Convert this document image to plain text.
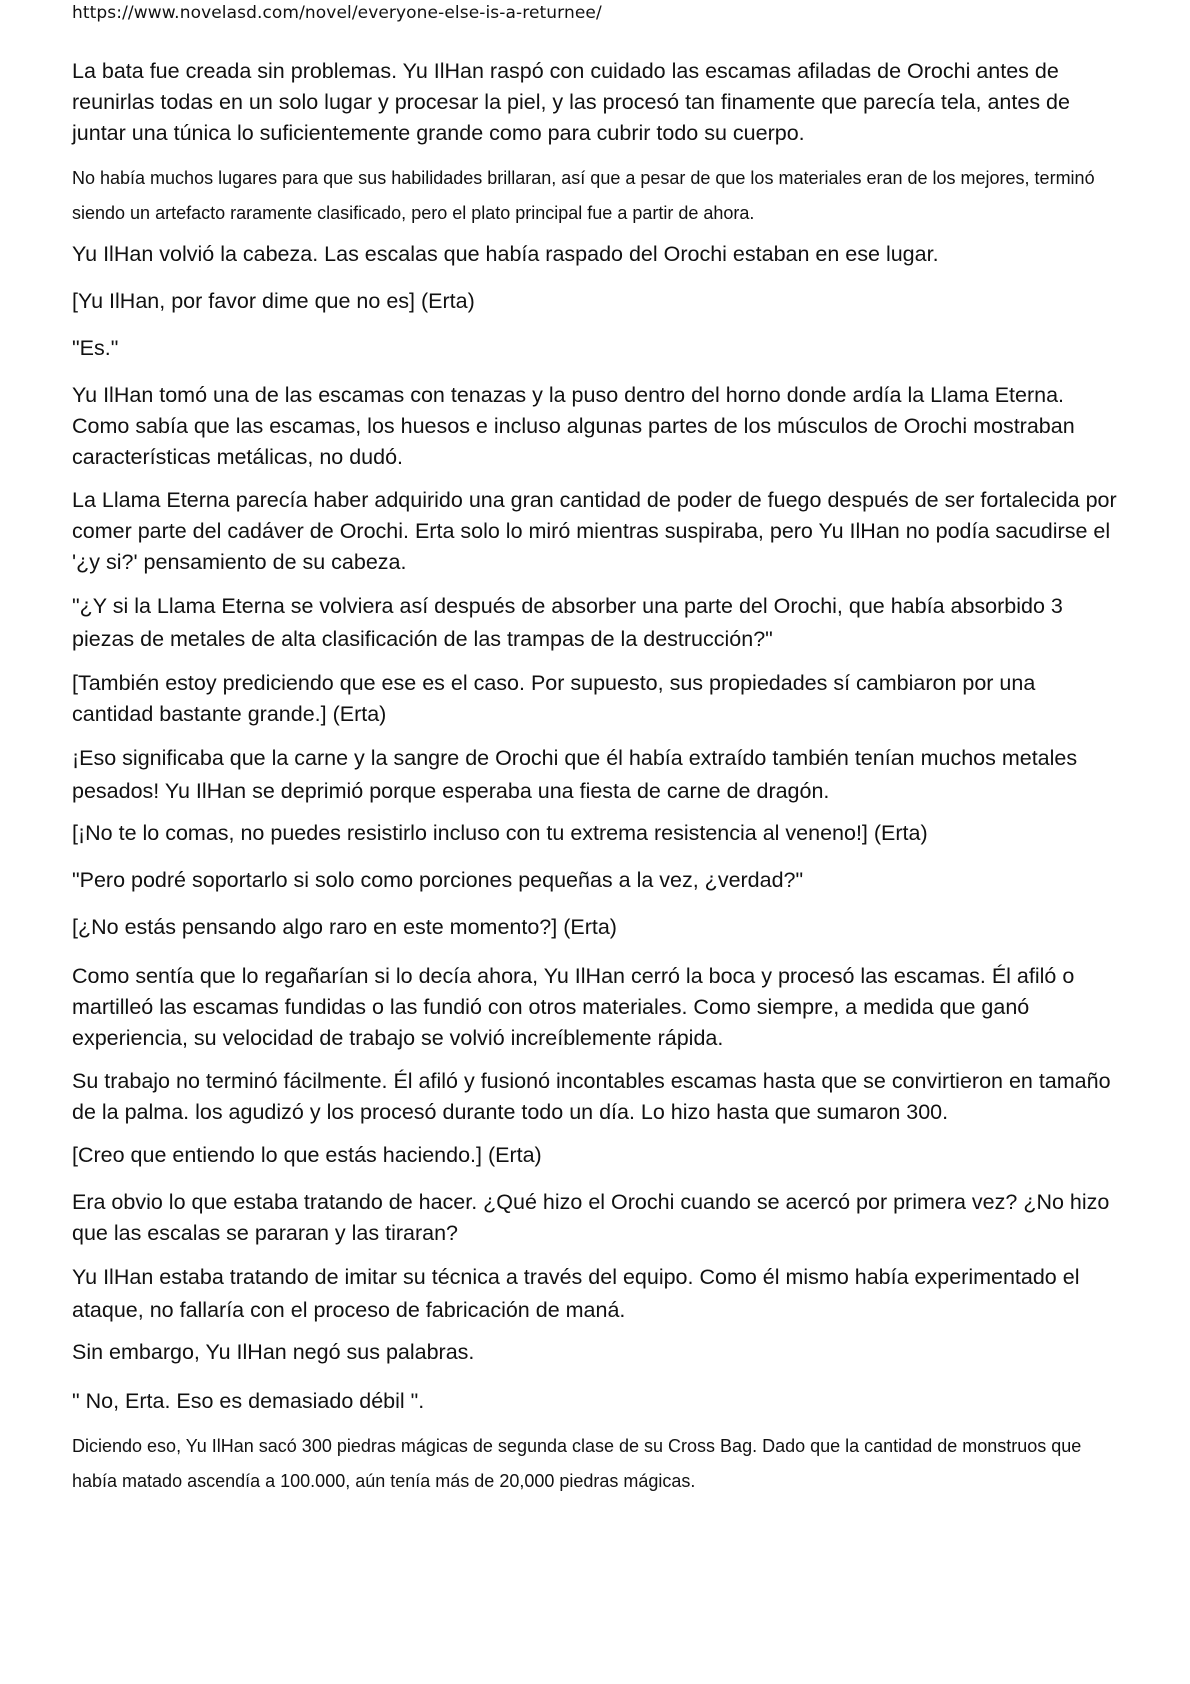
https://www.novelasd.com/novel/everyone-else-is-a-returnee/

La bata fue creada sin problemas. Yu IlHan raspó con cuidado las escamas afiladas de Orochi antes de reunirlas todas en un solo lugar y procesar la piel, y las procesó tan finamente que parecía tela, antes de juntar una túnica lo suficientemente grande como para cubrir todo su cuerpo.

No había muchos lugares para que sus habilidades brillaran, así que a pesar de que los materiales eran de los mejores, terminó siendo un artefacto raramente clasificado, pero el plato principal fue a partir de ahora.

Yu IlHan volvió la cabeza. Las escalas que había raspado del Orochi estaban en ese lugar.

[Yu IlHan, por favor dime que no es] (Erta)

"Es."

Yu IlHan tomó una de las escamas con tenazas y la puso dentro del horno donde ardía la Llama Eterna. Como sabía que las escamas, los huesos e incluso algunas partes de los músculos de Orochi mostraban características metálicas, no dudó.

La Llama Eterna parecía haber adquirido una gran cantidad de poder de fuego después de ser fortalecida por comer parte del cadáver de Orochi. Erta solo lo miró mientras suspiraba, pero Yu IlHan no podía sacudirse el '¿y si?' pensamiento de su cabeza.

"¿Y si la Llama Eterna se volviera así después de absorber una parte del Orochi, que había absorbido 3 piezas de metales de alta clasificación de las trampas de la destrucción?"

[También estoy prediciendo que ese es el caso. Por supuesto, sus propiedades sí cambiaron por una cantidad bastante grande.] (Erta)

¡Eso significaba que la carne y la sangre de Orochi que él había extraído también tenían muchos metales pesados! Yu IlHan se deprimió porque esperaba una fiesta de carne de dragón.

[¡No te lo comas, no puedes resistirlo incluso con tu extrema resistencia al veneno!] (Erta)

"Pero podré soportarlo si solo como porciones pequeñas a la vez, ¿verdad?"

[¿No estás pensando algo raro en este momento?] (Erta)

Como sentía que lo regañarían si lo decía ahora, Yu IlHan cerró la boca y procesó las escamas. Él afiló o martilleó las escamas fundidas o las fundió con otros materiales. Como siempre, a medida que ganó experiencia, su velocidad de trabajo se volvió increíblemente rápida.

Su trabajo no terminó fácilmente. Él afiló y fusionó incontables escamas hasta que se convirtieron en tamaño de la palma. los agudizó y los procesó durante todo un día. Lo hizo hasta que sumaron 300.

[Creo que entiendo lo que estás haciendo.] (Erta)

Era obvio lo que estaba tratando de hacer. ¿Qué hizo el Orochi cuando se acercó por primera vez? ¿No hizo que las escalas se pararan y las tiraran?

Yu IlHan estaba tratando de imitar su técnica a través del equipo. Como él mismo había experimentado el ataque, no fallaría con el proceso de fabricación de maná.

Sin embargo, Yu IlHan negó sus palabras.

" No, Erta. Eso es demasiado débil ".

Diciendo eso, Yu IlHan sacó 300 piedras mágicas de segunda clase de su Cross Bag. Dado que la cantidad de monstruos que había matado ascendía a 100.000, aún tenía más de 20,000 piedras mágicas.
